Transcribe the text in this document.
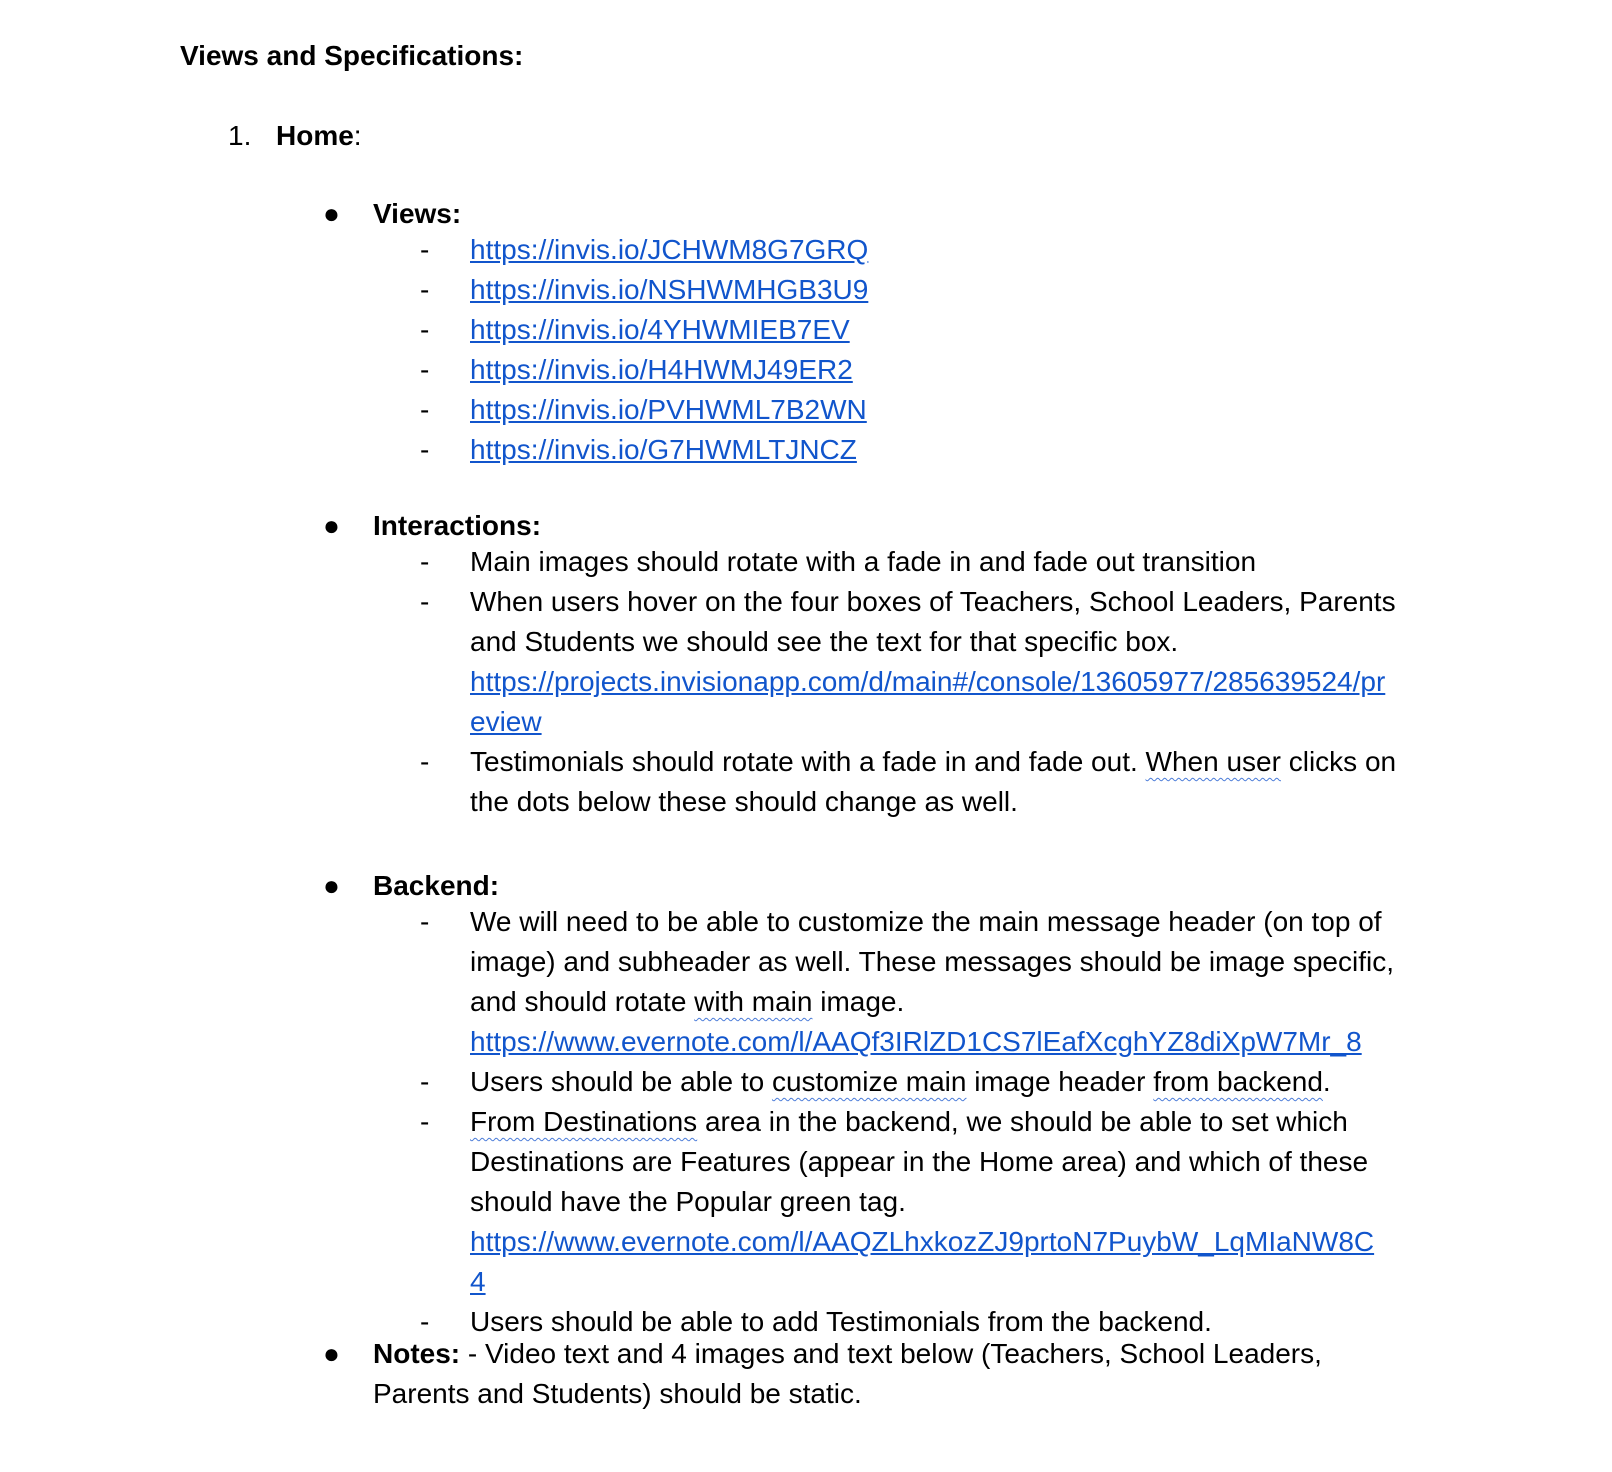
Views and Specifications:
1. Home:
●	Views:
- https://invis.io/JCHWM8G7GRQ
- https://invis.io/NSHWMHGB3U9
- https://invis.io/4YHWMIEB7EV
- https://invis.io/H4HWMJ49ER2
- https://invis.io/PVHWML7B2WN
- https://invis.io/G7HWMLTJNCZ
●	Interactions:
- Main images should rotate with a fade in and fade out transition
- When users hover on the four boxes of Teachers, School Leaders, Parents and Students we should see the text for that specific box.
https://projects.invisionapp.com/d/main#/console/13605977/285639524/pr
eview
- Testimonials should rotate with a fade in and fade out. When user clicks on the dots below these should change as well.
●	Backend:
- We will need to be able to customize the main message header (on top of image) and subheader as well. These messages should be image specific, and should rotate with main image.
https://www.evernote.com/l/AAQf3IRlZD1CS7lEafXcghYZ8diXpW7Mr_8
- Users should be able to customize main image header from backend.
- From Destinations area in the backend, we should be able to set which Destinations are Features (appear in the Home area) and which of these should have the Popular green tag.
https://www.evernote.com/l/AAQZLhxkozZJ9prtoN7PuybW_LqMIaNW8C
4
- Users should be able to add Testimonials from the backend.
●	Notes: - Video text and 4 images and text below (Teachers, School Leaders, Parents and Students) should be static.
